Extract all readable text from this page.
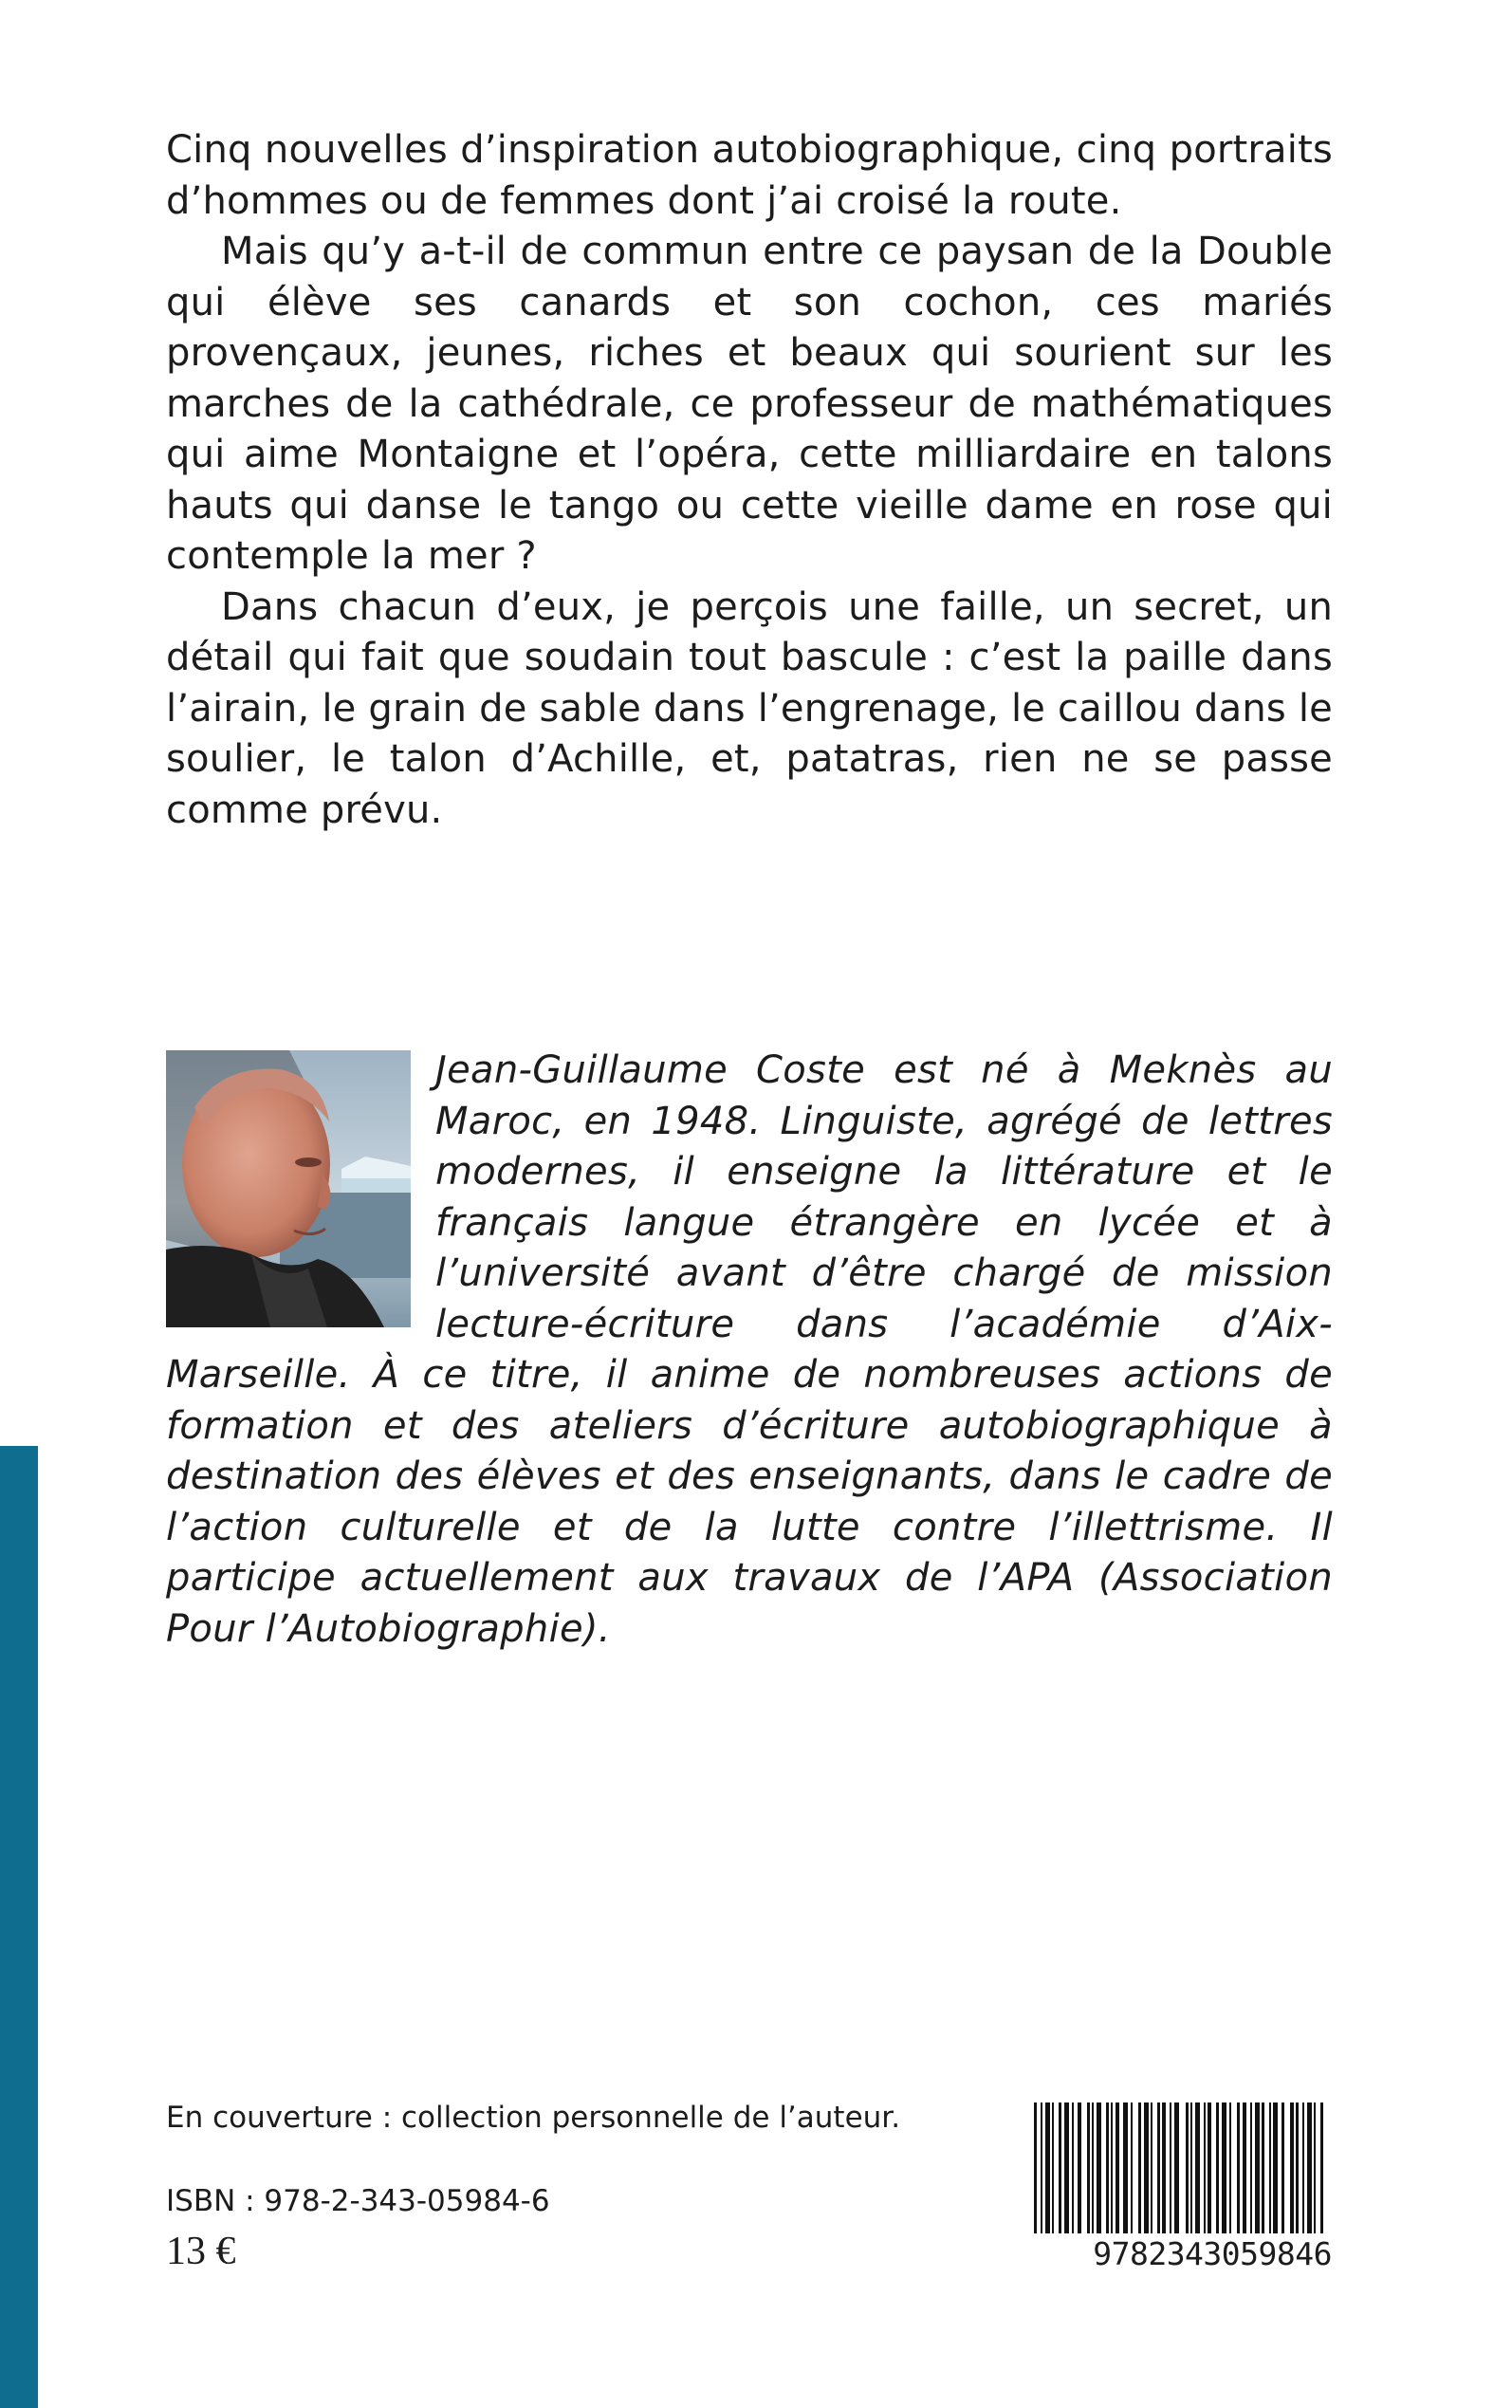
Cinq nouvelles d’inspiration autobiographique, cinq portraits d’hommes ou de femmes dont j’ai croisé la route.

Mais qu’y a-t-il de commun entre ce paysan de la Double qui élève ses canards et son cochon, ces mariés provençaux, jeunes, riches et beaux qui sourient sur les marches de la cathédrale, ce professeur de mathématiques qui aime Montaigne et l’opéra, cette milliardaire en talons hauts qui danse le tango ou cette vieille dame en rose qui contemple la mer ?

Dans chacun d’eux, je perçois une faille, un secret, un détail qui fait que soudain tout bascule : c’est la paille dans l’airain, le grain de sable dans l’engrenage, le caillou dans le soulier, le talon d’Achille, et, patatras, rien ne se passe comme prévu.

Jean-Guillaume Coste est né à Meknès au Maroc, en 1948. Linguiste, agrégé de lettres modernes, il enseigne la littérature et le français langue étrangère en lycée et à l’université avant d’être chargé de mission lecture-écriture dans l’académie d’Aix-Marseille. À ce titre, il anime de nombreuses actions de formation et des ateliers d’écriture autobiographique à destination des élèves et des enseignants, dans le cadre de l’action culturelle et de la lutte contre l’illettrisme. Il participe actuellement aux travaux de l’APA (Association Pour l’Autobiographie).
En couverture : collection personnelle de l’auteur.
ISBN : 978-2-343-05984-6
13 €	9782343059846
